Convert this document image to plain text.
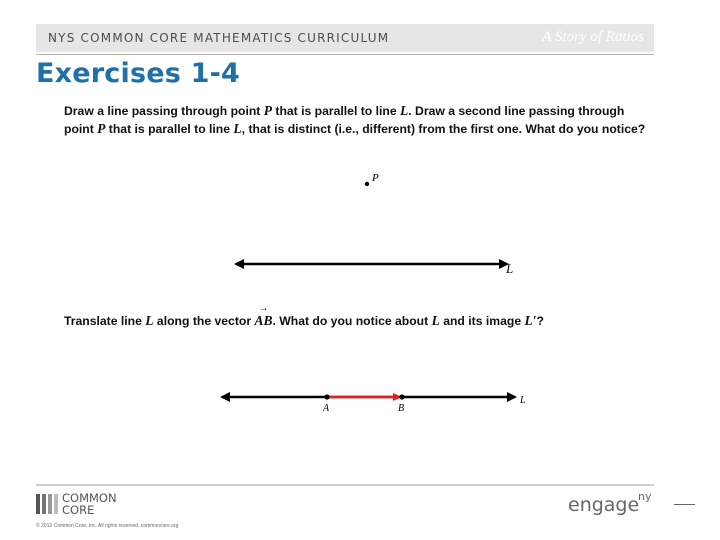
NYS COMMON CORE MATHEMATICS CURRICULUM	A Story of Ratios
Exercises 1-4
Draw a line passing through point P that is parallel to line L. Draw a second line passing through point P that is parallel to line L, that is distinct (i.e., different) from the first one. What do you notice?
Translate line L along the vector
→
AB. What do you notice about L and its image L′?
P
L
A	B
L
COMMON
CORE
© 2012 Common Core, Inc. All rights reserved. commoncore.org
engage
ny
